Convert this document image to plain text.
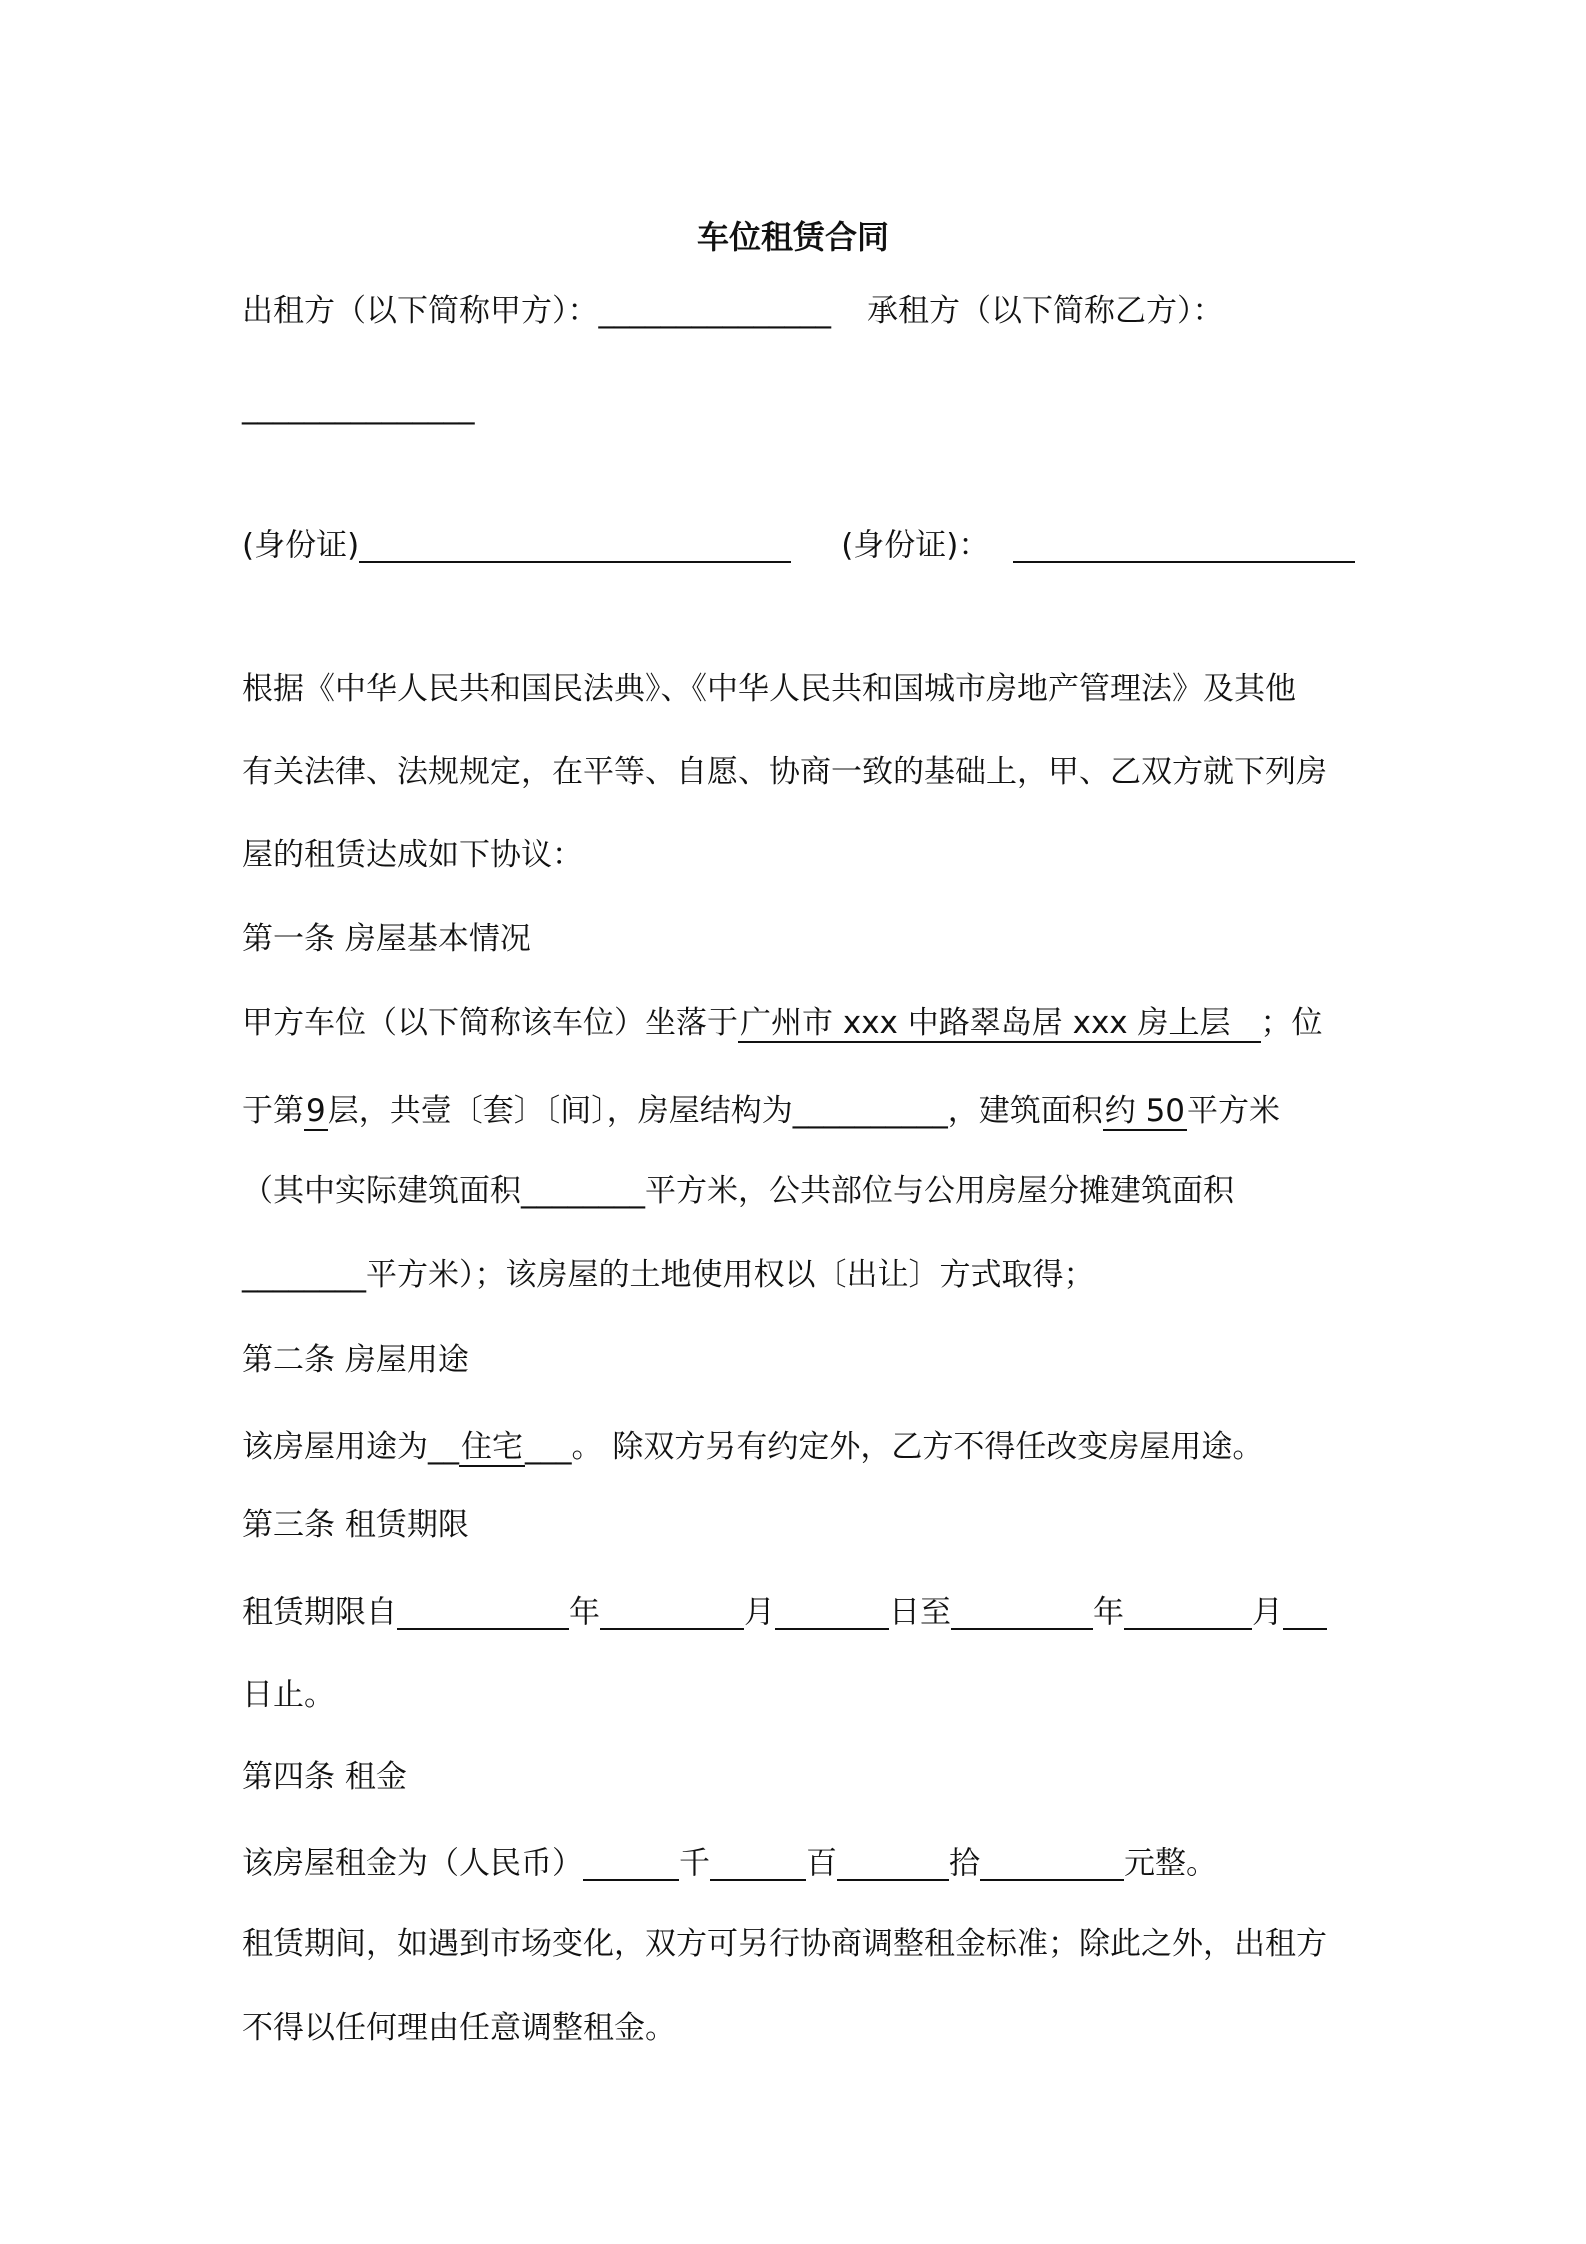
车位租赁合同
出租方（以下简称甲方）：_______________ 承租方（以下简称乙方）：
_______________
(身份证)	(身份证)：
根据《中华人民共和国民法典》、《中华人民共和国城市房地产管理法》及其他
有关法律、法规规定，在平等、自愿、协商一致的基础上，甲、乙双方就下列房
屋的租赁达成如下协议：
第一条 房屋基本情况
甲方车位（以下简称该车位）坐落于广州市 xxx 中路翠岛居 xxx 房上层 ；位
于第9层，共壹〔套〕〔间〕，房屋结构为__________，建筑面积约 50平方米
（其中实际建筑面积________平方米，公共部位与公用房屋分摊建筑面积
________平方米）；该房屋的土地使用权以〔出让〕方式取得；
第二条 房屋用途
该房屋用途为__住宅___。 除双方另有约定外，乙方不得任改变房屋用途。
第三条 租赁期限
租赁期限自	年	月	日至	年	月
日止。
第四条 租金
该房屋租金为（人民币）	千	百	拾	元整。
租赁期间，如遇到市场变化，双方可另行协商调整租金标准；除此之外，出租方
不得以任何理由任意调整租金。
